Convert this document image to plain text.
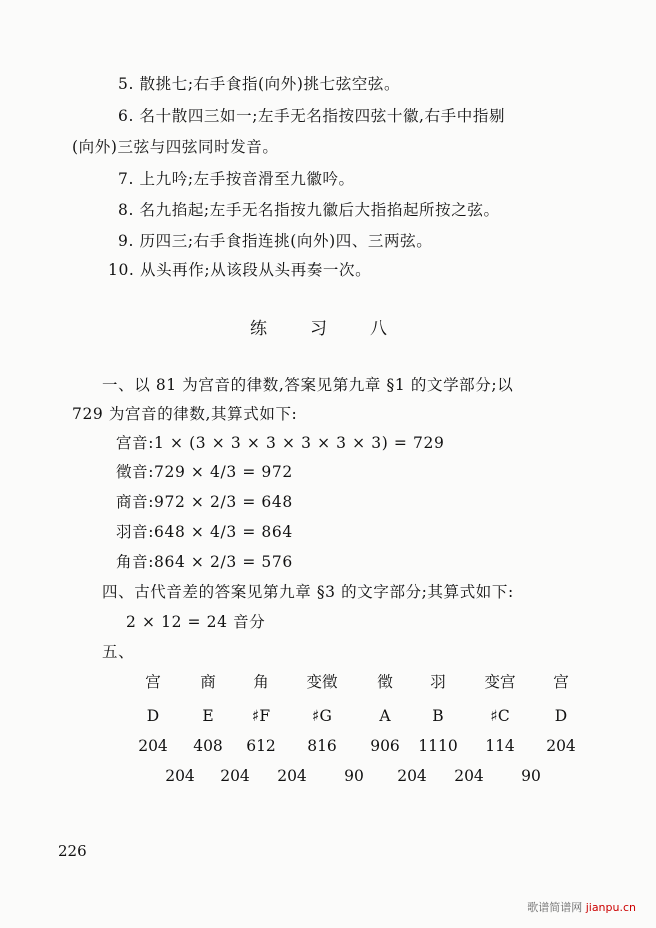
5. 散挑七;右手食指(向外)挑七弦空弦。
6. 名十散四三如一;左手无名指按四弦十徽,右手中指剔
(向外)三弦与四弦同时发音。
7. 上九吟;左手按音滑至九徽吟。
8. 名九掐起;左手无名指按九徽后大指掐起所按之弦。
9. 历四三;右手食指连挑(向外)四、三两弦。
10. 从头再作;从该段从头再奏一次。
练	习	八
一、以 81 为宫音的律数,答案见第九章 §1 的文学部分;以
729 为宫音的律数,其算式如下:
宫音:1 × (3 × 3 × 3 × 3 × 3 × 3) = 729
徵音:729 × 4/3 = 972
商音:972 × 2/3 = 648
羽音:648 × 4/3 = 864
角音:864 × 2/3 = 576
四、古代音差的答案见第九章 §3 的文字部分;其算式如下:
2 × 12 = 24 音分
五、
宫	商 角 变徵	徵 羽 变宫 宫
D	E ♯F	♯G	A	B	♯C	D
204 408 612 816 906 1110 114 204
204 204 204 90 204 204 90
226
歌谱简谱网 jianpu.cn
